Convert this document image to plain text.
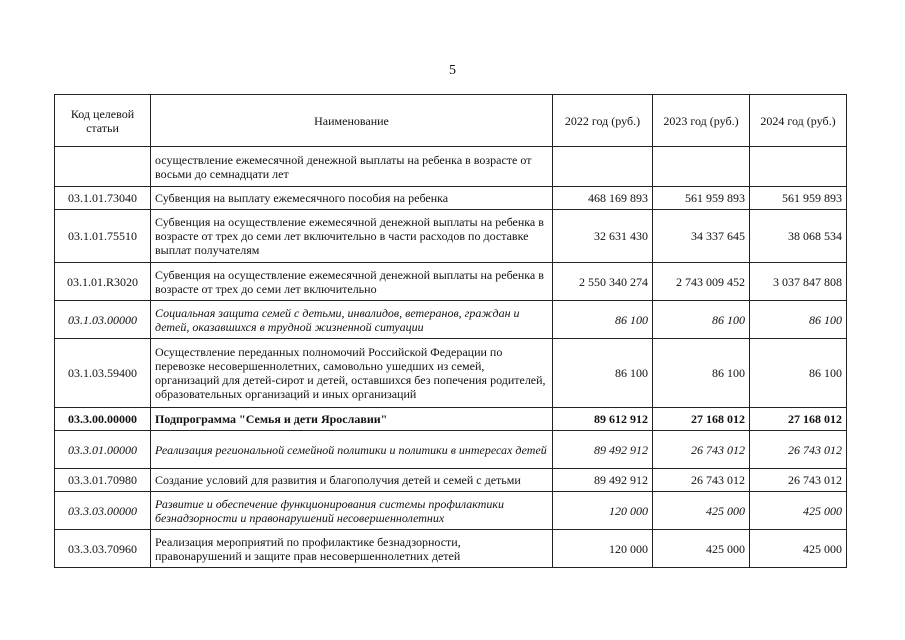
5
Код целевой статьи	Наименование	2022 год (руб.)	2023 год (руб.)	2024 год (руб.)
	осуществление ежемесячной денежной выплаты на ребенка в возрасте от восьми до семнадцати лет			
03.1.01.73040	Субвенция на выплату ежемесячного пособия на ребенка	468 169 893	561 959 893	561 959 893
03.1.01.75510	Субвенция на осуществление ежемесячной денежной выплаты на ребенка в возрасте от трех до семи лет включительно в части расходов по доставке выплат получателям	32 631 430	34 337 645	38 068 534
03.1.01.R3020	Субвенция на осуществление ежемесячной денежной выплаты на ребенка в возрасте от трех до семи лет включительно	2 550 340 274	2 743 009 452	3 037 847 808
03.1.03.00000	Социальная защита семей с детьми, инвалидов, ветеранов, граждан и детей, оказавшихся в трудной жизненной ситуации	86 100	86 100	86 100
03.1.03.59400	Осуществление переданных полномочий Российской Федерации по перевозке несовершеннолетних, самовольно ушедших из семей, организаций для детей-сирот и детей, оставшихся без попечения родителей, образовательных организаций и иных организаций	86 100	86 100	86 100
03.3.00.00000	Подпрограмма "Семья и дети Ярославии"	89 612 912	27 168 012	27 168 012
03.3.01.00000	Реализация региональной семейной политики и политики в интересах детей	89 492 912	26 743 012	26 743 012
03.3.01.70980	Создание условий для развития и благополучия детей и семей с детьми	89 492 912	26 743 012	26 743 012
03.3.03.00000	Развитие и обеспечение функционирования системы профилактики безнадзорности и правонарушений несовершеннолетних	120 000	425 000	425 000
03.3.03.70960	Реализация мероприятий по профилактике безнадзорности, правонарушений и защите прав несовершеннолетних детей	120 000	425 000	425 000
